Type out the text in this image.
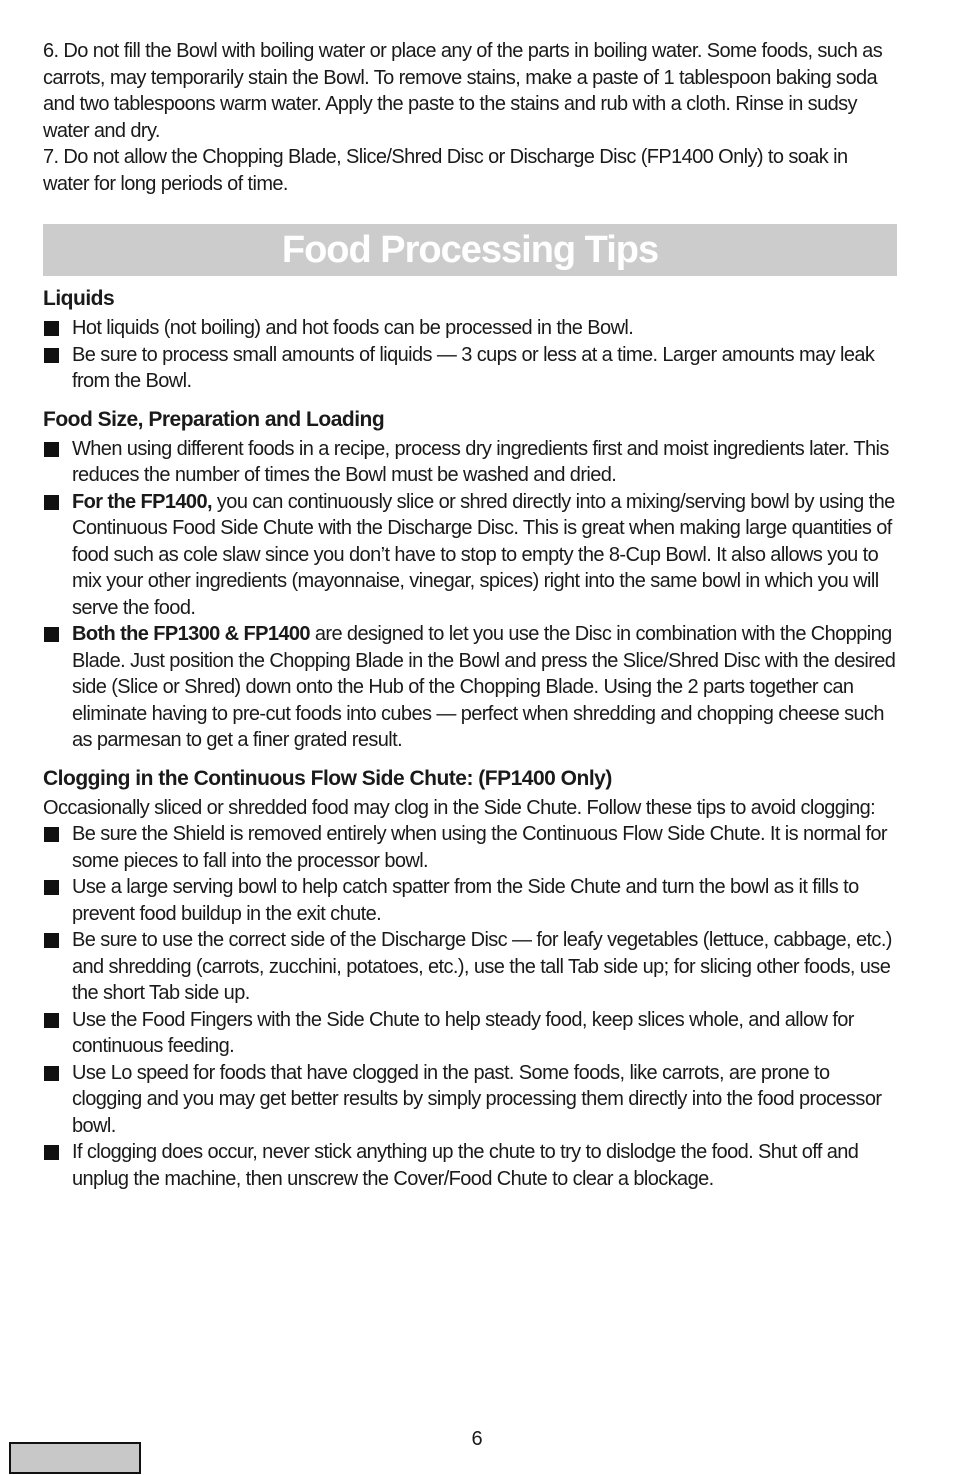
6. Do not fill the Bowl with boiling water or place any of the parts in boiling water. Some foods, such as carrots, may temporarily stain the Bowl. To remove stains, make a paste of 1 tablespoon baking soda and two tablespoons warm water. Apply the paste to the stains and rub with a cloth. Rinse in sudsy water and dry.

7. Do not allow the Chopping Blade, Slice/Shred Disc or Discharge Disc (FP1400 Only) to soak in water for long periods of time.

Food Processing Tips
Liquids
Hot liquids (not boiling) and hot foods can be processed in the Bowl.
Be sure to process small amounts of liquids — 3 cups or less at a time. Larger amounts may leak from the Bowl.
Food Size, Preparation and Loading
When using different foods in a recipe, process dry ingredients first and moist ingredients later. This reduces the number of times the Bowl must be washed and dried.
For the FP1400, you can continuously slice or shred directly into a mixing/serving bowl by using the Continuous Food Side Chute with the Discharge Disc. This is great when making large quantities of food such as cole slaw since you don’t have to stop to empty the 8-Cup Bowl. It also allows you to mix your other ingredients (mayonnaise, vinegar, spices) right into the same bowl in which you will serve the food.
Both the FP1300 & FP1400 are designed to let you use the Disc in combination with the Chopping Blade. Just position the Chopping Blade in the Bowl and press the Slice/Shred Disc with the desired side (Slice or Shred) down onto the Hub of the Chopping Blade. Using the 2 parts together can eliminate having to pre-cut foods into cubes — perfect when shredding and chopping cheese such as parmesan to get a finer grated result.
Clogging in the Continuous Flow Side Chute: (FP1400 Only)

Occasionally sliced or shredded food may clog in the Side Chute. Follow these tips to avoid clogging:

Be sure the Shield is removed entirely when using the Continuous Flow Side Chute. It is normal for some pieces to fall into the processor bowl.
Use a large serving bowl to help catch spatter from the Side Chute and turn the bowl as it fills to prevent food buildup in the exit chute.
Be sure to use the correct side of the Discharge Disc — for leafy vegetables (lettuce, cabbage, etc.) and shredding (carrots, zucchini, potatoes, etc.), use the tall Tab side up; for slicing other foods, use the short Tab side up.
Use the Food Fingers with the Side Chute to help steady food, keep slices whole, and allow for continuous feeding.
Use Lo speed for foods that have clogged in the past. Some foods, like carrots, are prone to clogging and you may get better results by simply processing them directly into the food processor bowl.
If clogging does occur, never stick anything up the chute to try to dislodge the food. Shut off and unplug the machine, then unscrew the Cover/Food Chute to clear a blockage.
6
